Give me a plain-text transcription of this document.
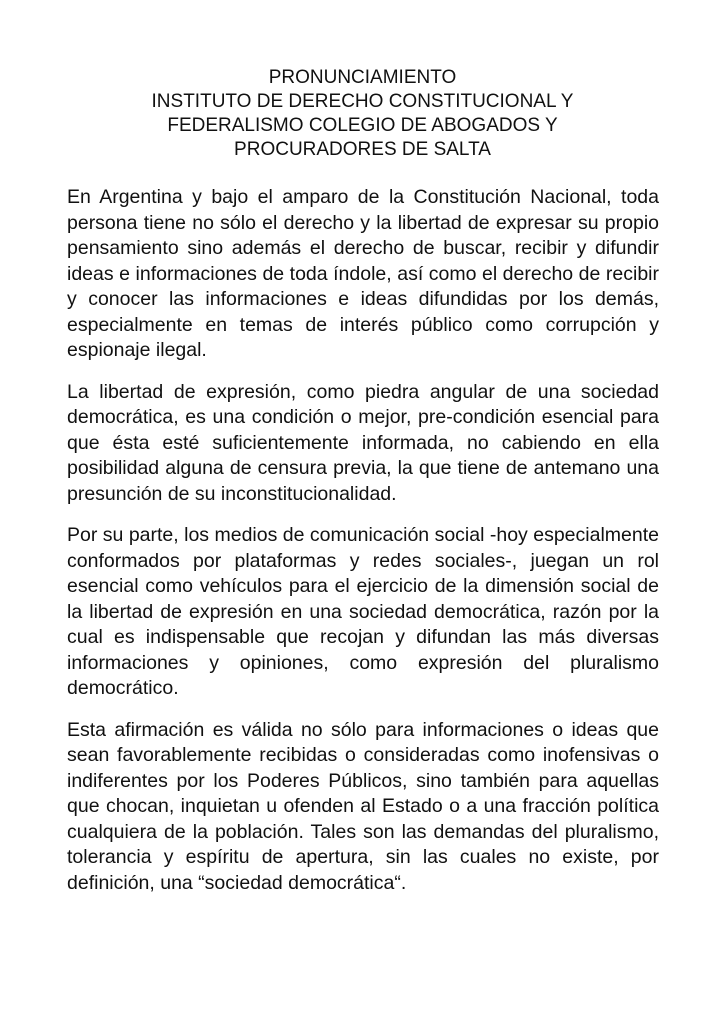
PRONUNCIAMIENTO
INSTITUTO DE DERECHO CONSTITUCIONAL Y
FEDERALISMO COLEGIO DE ABOGADOS Y
PROCURADORES DE SALTA

En Argentina y bajo el amparo de la Constitución Nacional, toda persona tiene no sólo el derecho y la libertad de expresar su propio pensamiento sino además el derecho de buscar, recibir y difundir ideas e informaciones de toda índole, así como el derecho de recibir y conocer las informaciones e ideas difundidas por los demás, especialmente en temas de interés público como corrupción y espionaje ilegal.

La libertad de expresión, como piedra angular de una sociedad democrática, es una condición o mejor, pre-condición esencial para que ésta esté suficientemente informada, no cabiendo en ella posibilidad alguna de censura previa, la que tiene de antemano una presunción de su inconstitucionalidad.

Por su parte, los medios de comunicación social -hoy especialmente conformados por plataformas y redes sociales-, juegan un rol esencial como vehículos para el ejercicio de la dimensión social de la libertad de expresión en una sociedad democrática, razón por la cual es indispensable que recojan y difundan las más diversas informaciones y opiniones, como expresión del pluralismo democrático.

Esta afirmación es válida no sólo para informaciones o ideas que sean favorablemente recibidas o consideradas como inofensivas o indiferentes por los Poderes Públicos, sino también para aquellas que chocan, inquietan u ofenden al Estado o a una fracción política cualquiera de la población. Tales son las demandas del pluralismo, tolerancia y espíritu de apertura, sin las cuales no existe, por definición, una “sociedad democrática“.
